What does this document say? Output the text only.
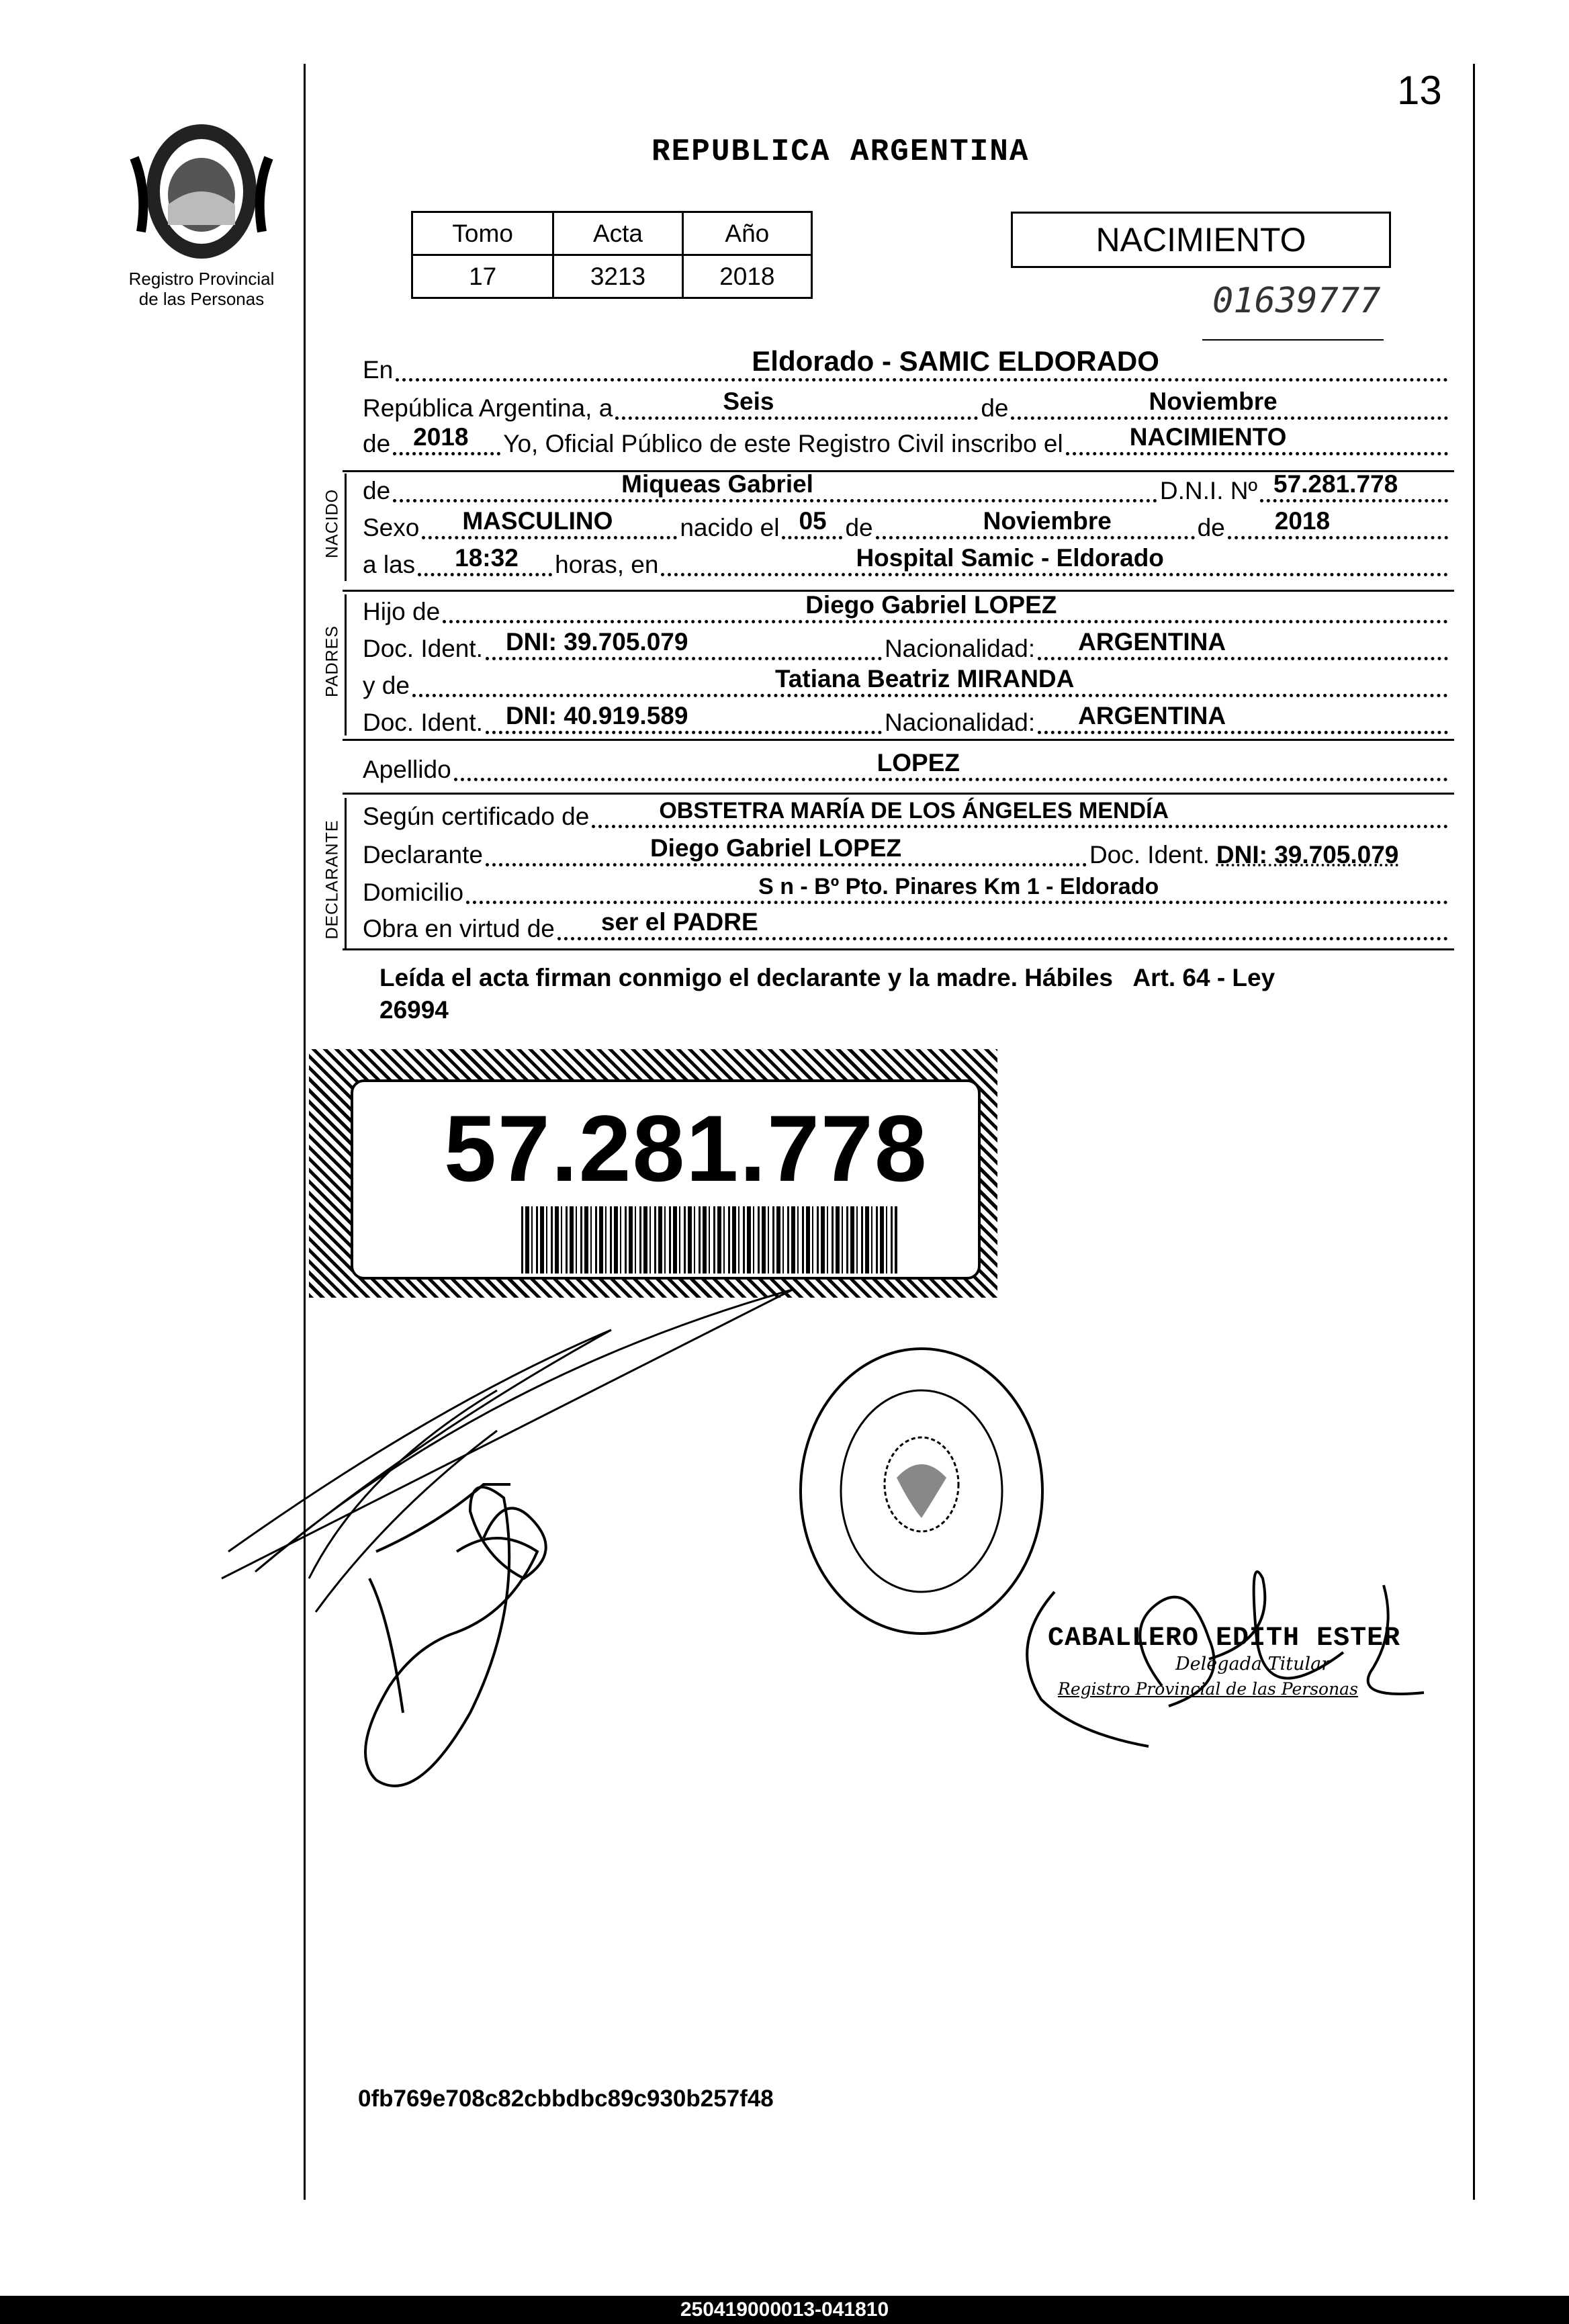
13
Registro Provincial
de las Personas
REPUBLICA ARGENTINA
Tomo	Acta	Año
17	3213	2018
NACIMIENTO
01639777
En	Eldorado - SAMIC ELDORADO
República Argentina, a	Seis	de	Noviembre
de 2018 Yo, Oficial Público de este Registro Civil inscribo el	NACIMIENTO
NACIDO de	Miqueas Gabriel	D.N.I. Nº 57.281.778
Sexo MASCULINO	nacido el 05 de	Noviembre	de 2018
a las 18:32 horas, en	Hospital Samic - Eldorado
PADRES
Hijo de	Diego Gabriel LOPEZ
Doc. Ident. DNI: 39.705.079	Nacionalidad: ARGENTINA
y de	Tatiana Beatriz MIRANDA
Doc. Ident. DNI: 40.919.589	Nacionalidad: ARGENTINA
Apellido	LOPEZ
DECLARANTE
Según certificado de	OBSTETRA MARÍA DE LOS ÁNGELES MENDÍA
Declarante	Diego Gabriel LOPEZ	Doc. Ident. DNI: 39.705.079
Domicilio	S n - Bº Pto. Pinares Km 1 - Eldorado
Obra en virtud de ser el PADRE
Leída el acta firman conmigo el declarante y la madre. Hábiles   Art. 64 - Ley
26994
57.281.778
CABALLERO EDITH ESTER
Delegada Titular
Registro Provincial de las Personas
0fb769e708c82cbbdbc89c930b257f48
250419000013-041810
